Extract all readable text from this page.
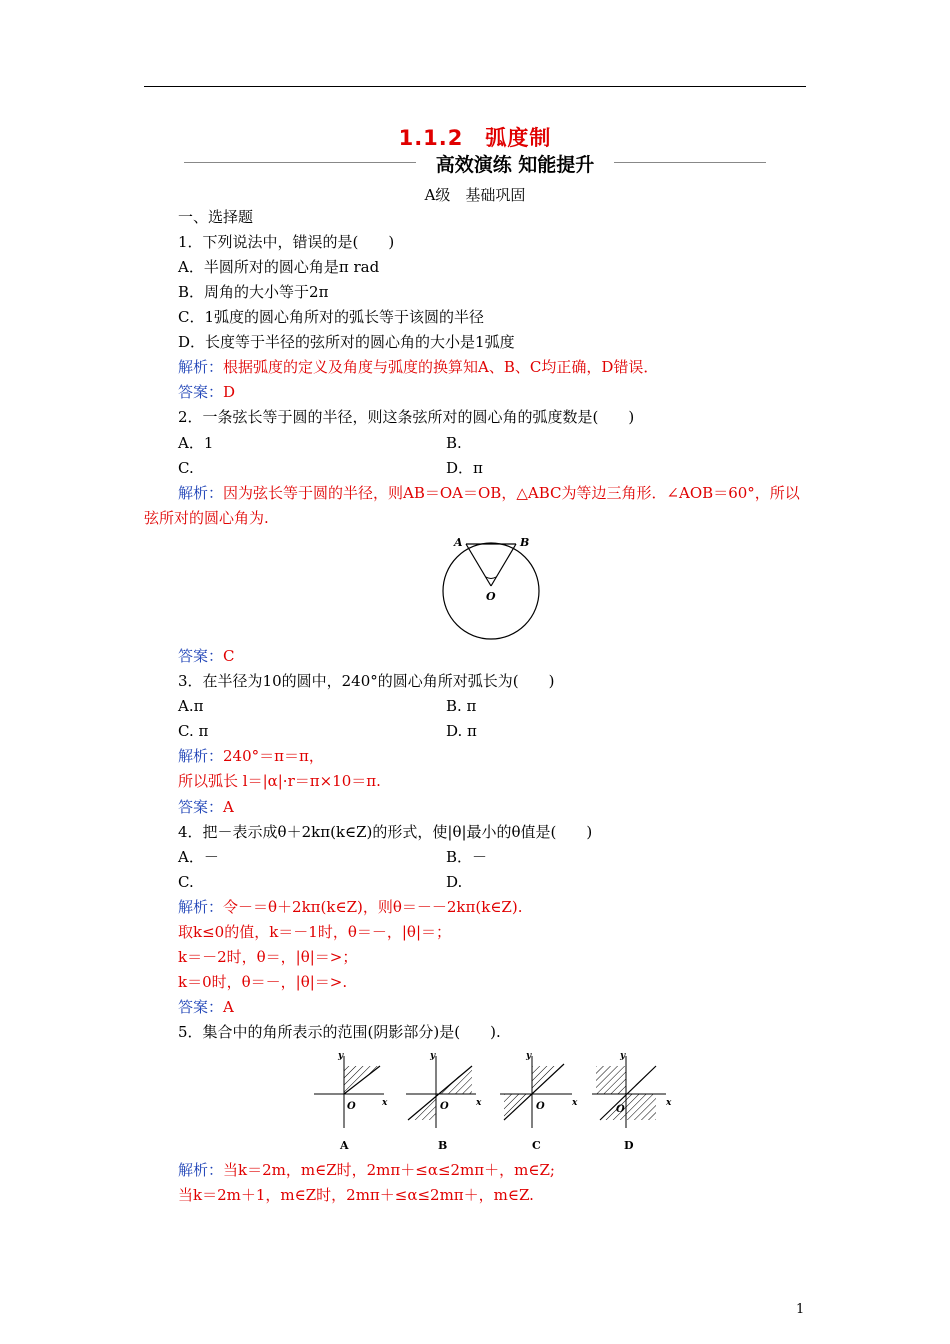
1.1.2　弧度制
高效演练 知能提升
A级　基础巩固
一、选择题
1．下列说法中，错误的是(　　)
A．半圆所对的圆心角是π rad
B．周角的大小等于2π
C．1弧度的圆心角所对的弧长等于该圆的半径
D．长度等于半径的弦所对的圆心角的大小是1弧度
解析：根据弧度的定义及角度与弧度的换算知A、B、C均正确，D错误．
答案：D
2．一条弦长等于圆的半径，则这条弦所对的圆心角的弧度数是(　　)
A．1	B.
C.	D．π
解析：因为弦长等于圆的半径，则AB＝OA＝OB，△ABC为等边三角形．∠AOB＝60°，所以
弦所对的圆心角为.
A	B
O
答案：C
3．在半径为10的圆中，240°的圆心角所对弧长为(　　)
A.π	B. π
C. π	D. π
解析：240°＝π＝π，
所以弧长 l＝|α|·r＝π×10＝π.
答案：A
4．把－表示成θ＋2kπ(k∈Z)的形式，使|θ|最小的θ值是(　　)
A．－	B．－
C.	D.
解析：令－＝θ＋2kπ(k∈Z)，则θ＝－－2kπ(k∈Z).
取k≤0的值，k＝－1时，θ＝－，|θ|＝；
k＝－2时，θ＝，|θ|＝>；
k＝0时，θ＝－，|θ|＝>.
答案：A
5．集合中的角所表示的范围(阴影部分)是(　　).
y
x
O
A
y
x
O
B
y
x
O
C
y
x
O
D
解析：当k＝2m，m∈Z时，2mπ＋≤α≤2mπ＋，m∈Z;
当k＝2m＋1，m∈Z时，2mπ＋≤α≤2mπ＋，m∈Z.
1
